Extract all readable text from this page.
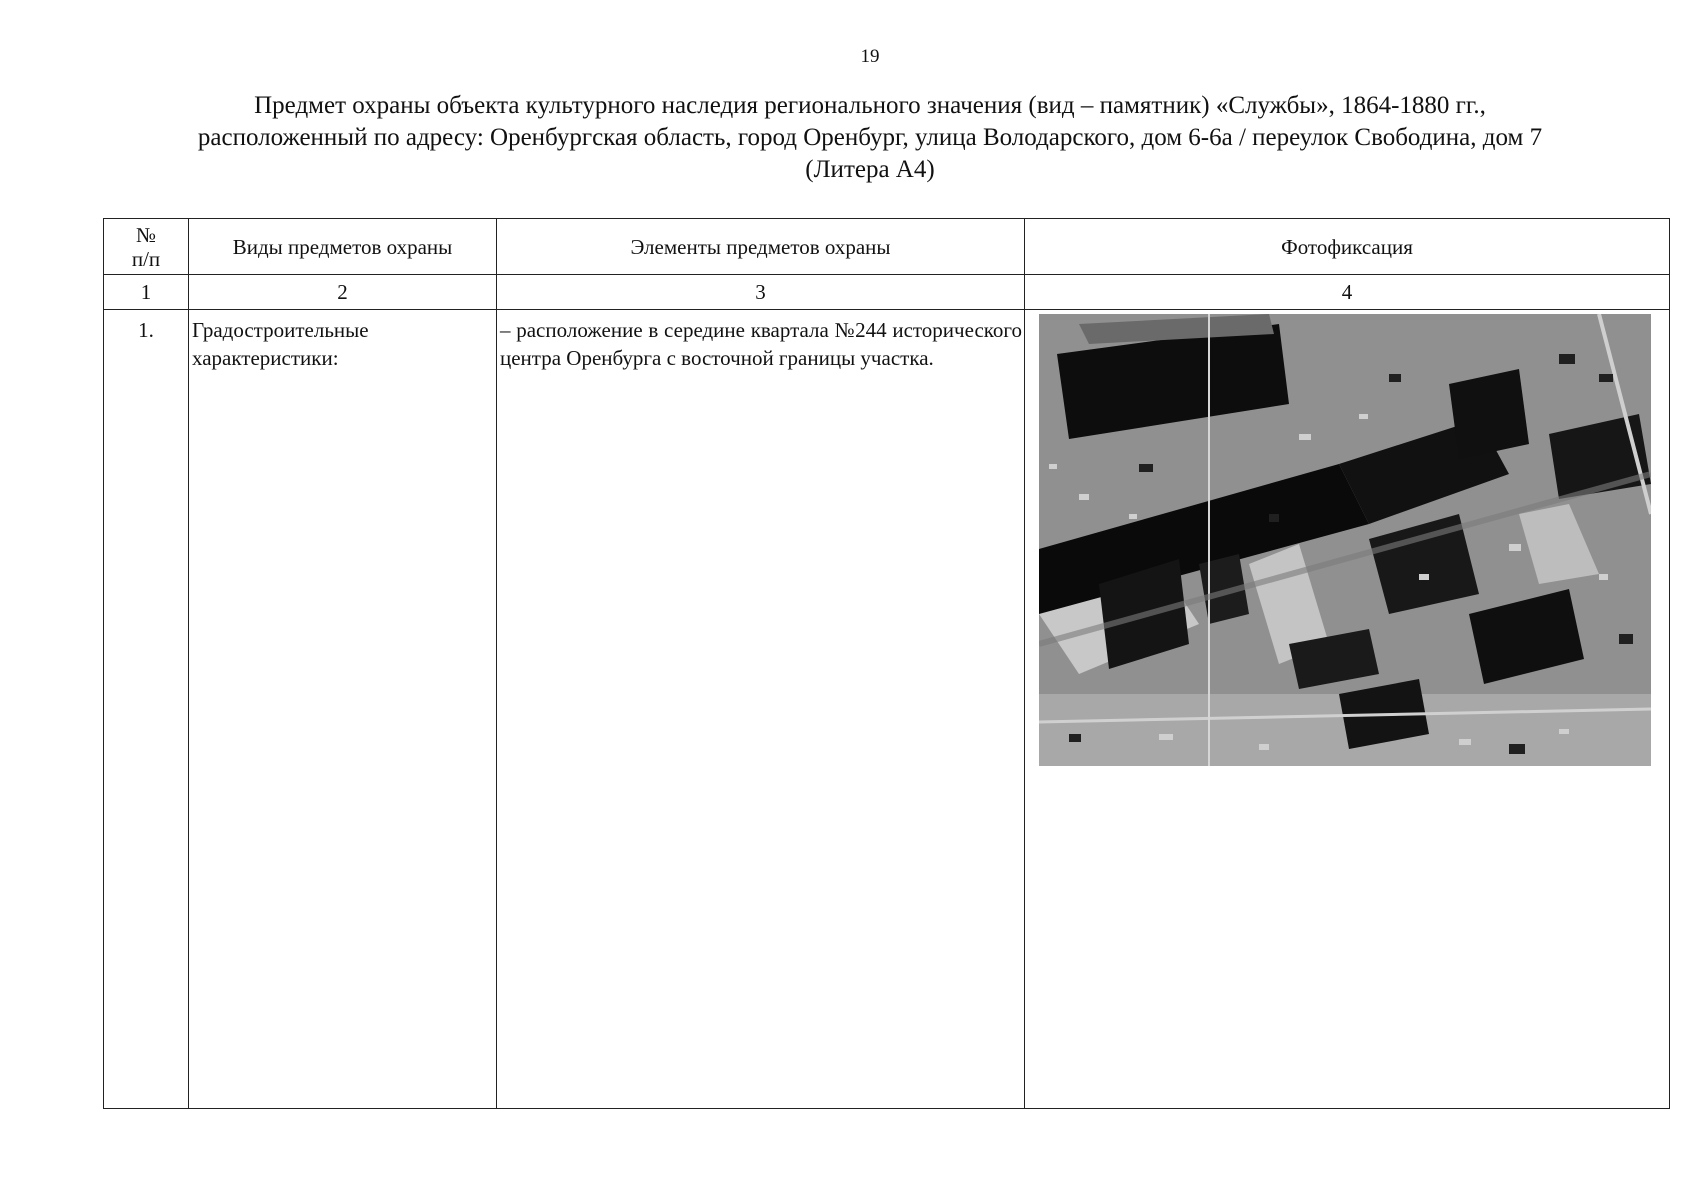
19
Предмет охраны объекта культурного наследия регионального значения (вид – памятник) «Службы», 1864-1880 гг.,
расположенный по адресу: Оренбургская область, город Оренбург, улица Володарского, дом 6-6а / переулок Свободина, дом 7
(Литера А4)
№
п/п	Виды предметов охраны	Элементы предметов охраны	Фотофиксация
1	2	3	4
1.	Градостроительные характеристики:	– расположение в середине квартала №244 исторического центра Оренбурга с восточной границы участка.	
